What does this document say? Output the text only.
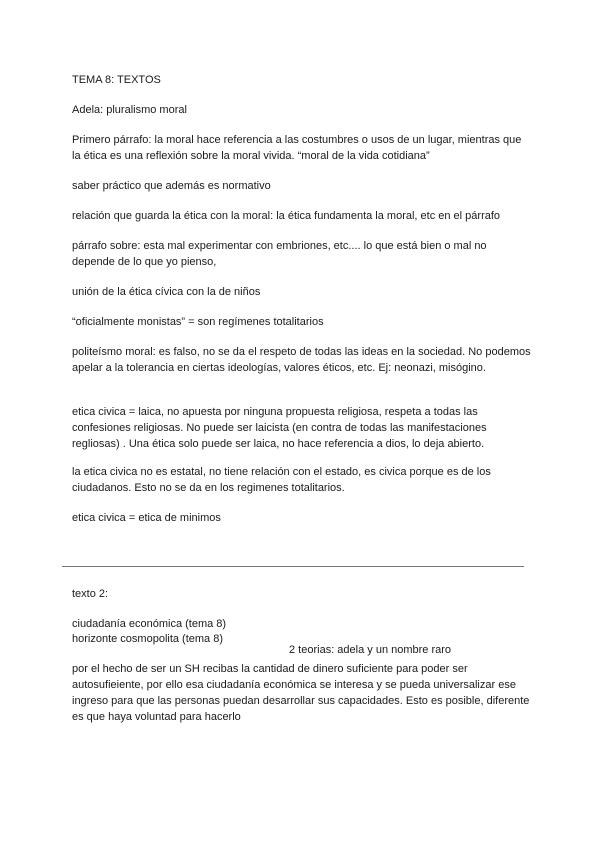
TEMA 8: TEXTOS

Adela: pluralismo moral

Primero párrafo: la moral hace referencia a las costumbres o usos de un lugar, mientras que la ética es una reflexión sobre la moral vivida. “moral de la vida cotidiana”

saber práctico que además es normativo

relación que guarda la ética con la moral: la ética fundamenta la moral, etc en el párrafo

párrafo sobre: esta mal experimentar con embriones, etc.... lo que está bien o mal no depende de lo que yo pienso,

unión de la ética cívica con la de niños

“oficialmente monistas” = son regímenes totalitarios

politeísmo moral: es falso, no se da el respeto de todas las ideas en la sociedad. No podemos apelar a la tolerancia en ciertas ideologías, valores éticos, etc. Ej: neonazi, misógino.

etica civica = laica, no apuesta por ninguna propuesta religiosa, respeta a todas las confesiones religiosas. No puede ser laicista (en contra de todas las manifestaciones regliosas) . Una ética solo puede ser laica, no hace referencia a dios, lo deja abierto.

la etica civica no es estatal, no tiene relación con el estado, es civica porque es de los ciudadanos. Esto no se da en los regimenes totalitarios.

etica civica = etica de minimos

texto 2:

ciudadanía económica (tema 8)

horizonte cosmopolita (tema 8)

2 teorias: adela y un nombre raro

por el hecho de ser un SH recibas la cantidad de dinero suficiente para poder ser autosufieiente, por ello esa ciudadanía económica se interesa y se pueda universalizar ese ingreso para que las personas puedan desarrollar sus capacidades. Esto es posible, diferente es que haya voluntad para hacerlo
